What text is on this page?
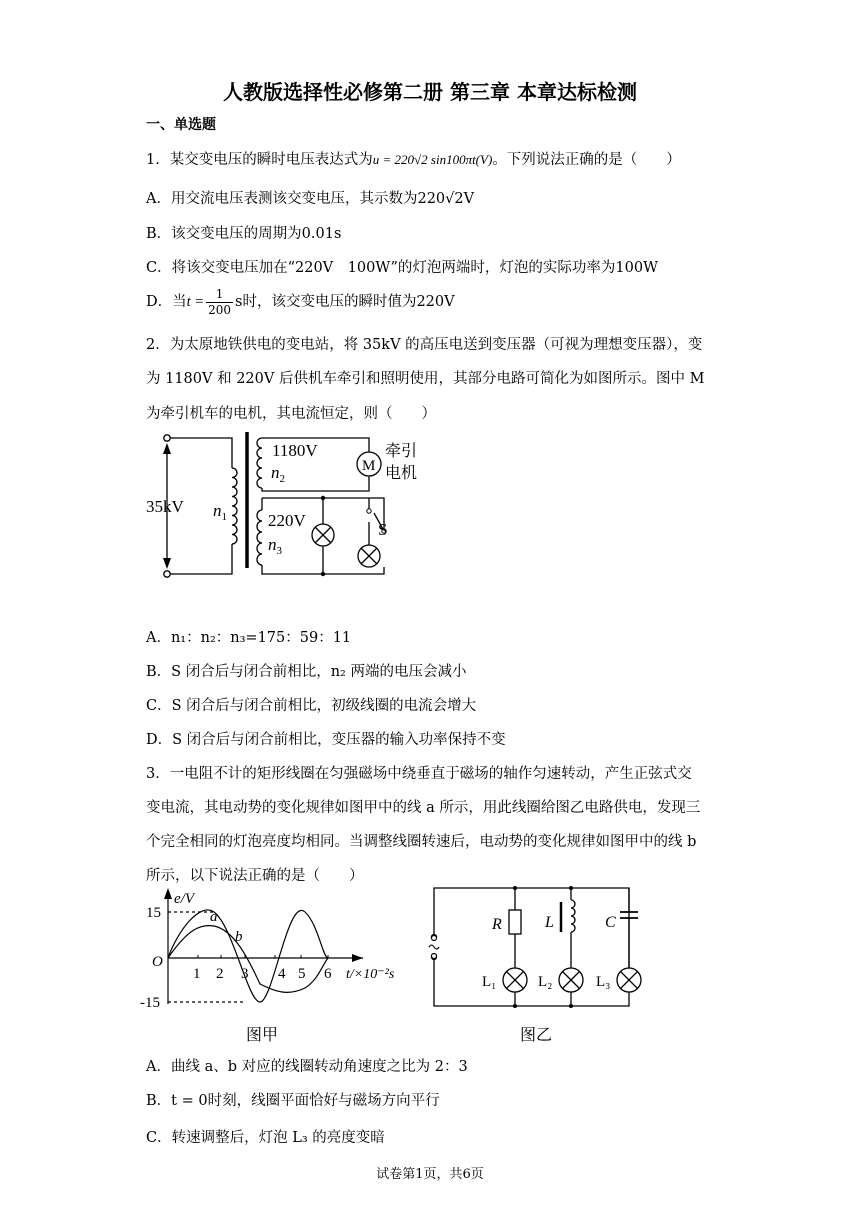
人教版选择性必修第二册 第三章 本章达标检测
一、单选题
1．某交变电压的瞬时电压表达式为u = 220√2 sin100πt(V)。下列说法正确的是（　　）
A．用交流电压表测该交变电压，其示数为220√2V
B．该交变电压的周期为0.01s
C．将该交变电压加在“220V　100W”的灯泡两端时，灯泡的实际功率为100W
D．当$t = \frac{1}{200}$ s时，该交变电压的瞬时值为220V
2．为太原地铁供电的变电站，将 35kV 的高压电送到变压器（可视为理想变压器），变
为 1180V 和 220V 后供机车牵引和照明使用，其部分电路可简化为如图所示。图中 M
为牵引机车的电机，其电流恒定，则（　　）
35kV $n_1$
1180V
$n_2$
220V
$n_3$
M
牵引
电机
S
A．n₁：n₂：n₃=175：59：11
B．S 闭合后与闭合前相比，n₂ 两端的电压会减小
C．S 闭合后与闭合前相比，初级线圈的电流会增大
D．S 闭合后与闭合前相比，变压器的输入功率保持不变
3．一电阻不计的矩形线圈在匀强磁场中绕垂直于磁场的轴作匀速转动，产生正弦式交
变电流，其电动势的变化规律如图甲中的线 a 所示，用此线圈给图乙电路供电，发现三
个完全相同的灯泡亮度均相同。当调整线圈转速后，电动势的变化规律如图甲中的线 b
所示，以下说法正确的是（　　）
e/V
15
-15
O
1 2 3 4 5 6 t/×10⁻²s
a
b
图甲
R	L	C
L₁	L₂	L₃
图乙
A．曲线 a、b 对应的线圈转动角速度之比为 2：3
B．t = 0时刻，线圈平面恰好与磁场方向平行
C．转速调整后，灯泡 L₃ 的亮度变暗
试卷第1页，共6页
